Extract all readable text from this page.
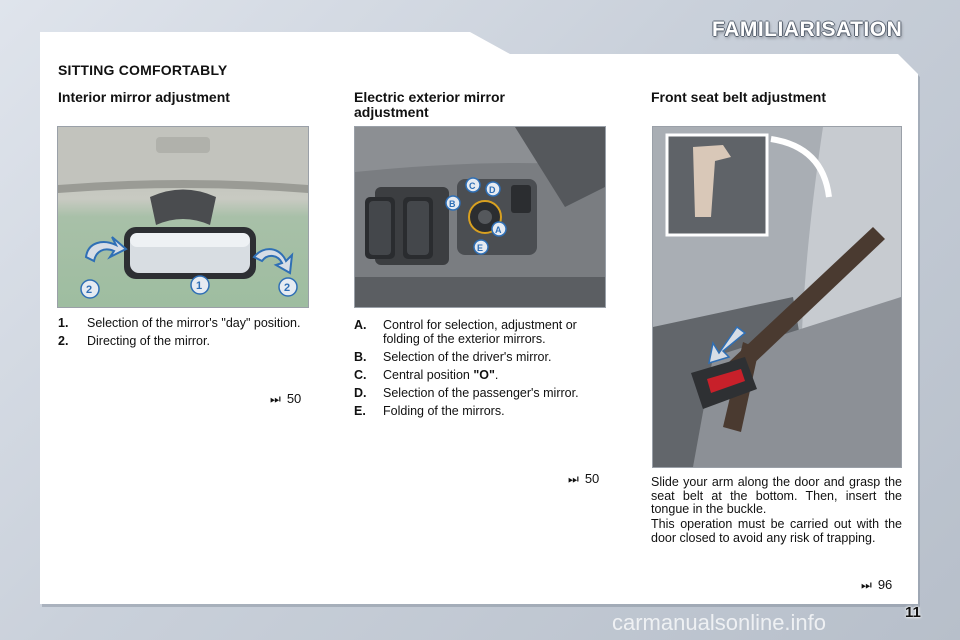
FAMILIARISATION
SITTING COMFORTABLY
Interior mirror adjustment
2	1	2
1. Selection of the mirror's "day" position.
2. Directing of the mirror.
⏭ 50
Electric exterior mirror
adjustment
C D
B
A
E
A. Control for selection, adjustment or folding of the exterior mirrors.
B. Selection of the driver's mirror.
C. Central position "O".
D. Selection of the passenger's mirror.
E. Folding of the mirrors.
⏭ 50
Front seat belt adjustment

Slide your arm along the door and grasp the seat belt at the bottom. Then, insert the tongue in the buckle.

This operation must be carried out with the door closed to avoid any risk of trapping.

⏭ 96
carmanualsonline.info	11
